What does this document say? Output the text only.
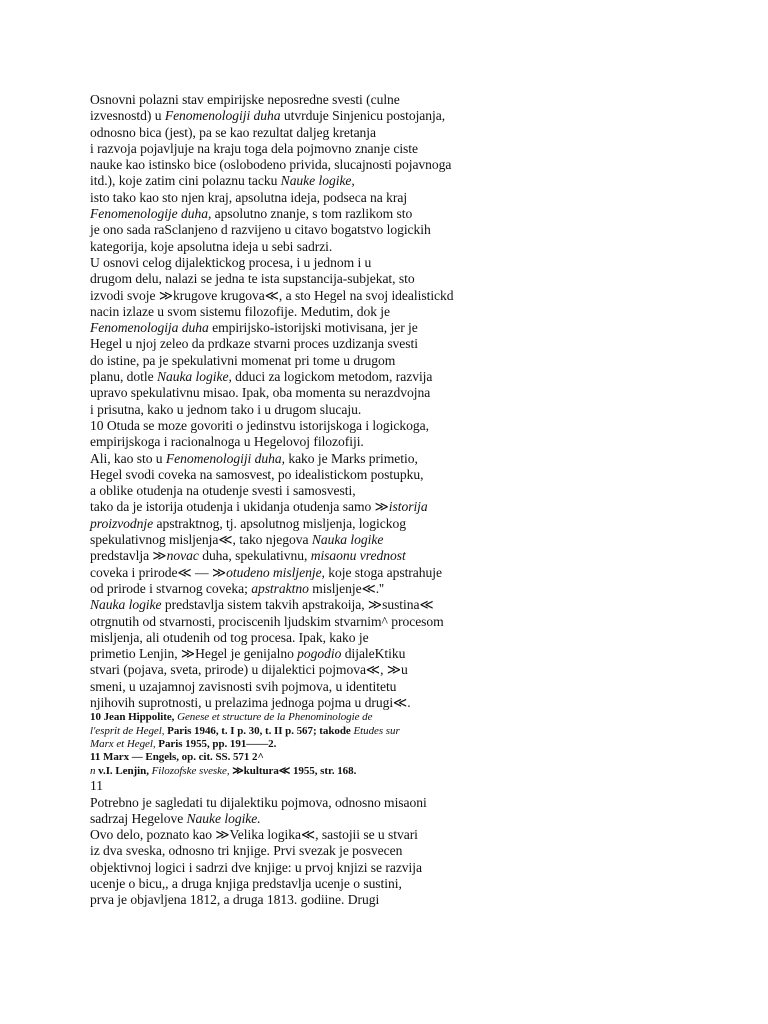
Osnovni polazni stav empirijske neposredne svesti (culne
izvesnostd) u Fenomenologiji duha utvrduje Sinjenicu postojanja,
odnosno bica (jest), pa se kao rezultat daljeg kretanja
i razvoja pojavljuje na kraju toga dela pojmovno znanje ciste
nauke kao istinsko bice (oslobodeno privida, slucajnosti pojavnoga
itd.), koje zatim cini polaznu tacku Nauke logike,
isto tako kao sto njen kraj, apsolutna ideja, podseca na kraj
Fenomenologije duha, apsolutno znanje, s tom razlikom sto
je ono sada raSclanjeno d razvijeno u citavo bogatstvo logickih
kategorija, koje apsolutna ideja u sebi sadrzi.
U osnovi celog dijalektickog procesa, i u jednom i u
drugom delu, nalazi se jedna te ista supstancija-subjekat, sto
izvodi svoje ≫krugove krugova≪, a sto Hegel na svoj idealistickd
nacin izlaze u svom sistemu filozofije. Medutim, dok je
Fenomenologija duha empirijsko-istorijski motivisana, jer je
Hegel u njoj zeleo da prdkaze stvarni proces uzdizanja svesti
do istine, pa je spekulativni momenat pri tome u drugom
planu, dotle Nauka logike, dduci za logickom metodom, razvija
upravo spekulativnu misao. Ipak, oba momenta su nerazdvojna
i prisutna, kako u jednom tako i u drugom slucaju.
10 Otuda se moze govoriti o jedinstvu istorijskoga i logickoga,
empirijskoga i racionalnoga u Hegelovoj filozofiji.
Ali, kao sto u Fenomenologiji duha, kako je Marks primetio,
Hegel svodi coveka na samosvest, po idealistickom postupku,
a oblike otudenja na otudenje svesti i samosvesti,
tako da je istorija otudenja i ukidanja otudenja samo ≫istorija
proizvodnje apstraktnog, tj. apsolutnog misljenja, logickog
spekulativnog misljenja≪, tako njegova Nauka logike
predstavlja ≫novac duha, spekulativnu, misaonu vrednost
coveka i prirode≪ — ≫otudeno misljenje, koje stoga apstrahuje
od prirode i stvarnog coveka; apstraktno misljenje≪.''
Nauka logike predstavlja sistem takvih apstrakoija, ≫sustina≪
otrgnutih od stvarnosti, prociscenih ljudskim stvarnim^ procesom
misljenja, ali otudenih od tog procesa. Ipak, kako je
primetio Lenjin, ≫Hegel je genijalno pogodio dijaleKtiku
stvari (pojava, sveta, prirode) u dijalektici pojmova≪, ≫u
smeni, u uzajamnoj zavisnosti svih pojmova, u identitetu
njihovih suprotnosti, u prelazima jednoga pojma u drugi≪.
10 Jean Hippolite, Genese et structure de la Phenominologie de
l'esprit de Hegel, Paris 1946, t. I p. 30, t. II p. 567; takode Etudes sur
Marx et Hegel, Paris 1955, pp. 191——2.
11 Marx — Engels, op. cit. SS. 571 2^
n v.I. Lenjin, Filozofske sveske, ≫kultura≪ 1955, str. 168.
11
Potrebno je sagledati tu dijalektiku pojmova, odnosno misaoni
sadrzaj Hegelove Nauke logike.
Ovo delo, poznato kao ≫Velika logika≪, sastojii se u stvari
iz dva sveska, odnosno tri knjige. Prvi svezak je posvecen
objektivnoj logici i sadrzi dve knjige: u prvoj knjizi se razvija
ucenje o bicu,, a druga knjiga predstavlja ucenje o sustini,
prva je objavljena 1812, a druga 1813. godiine. Drugi
